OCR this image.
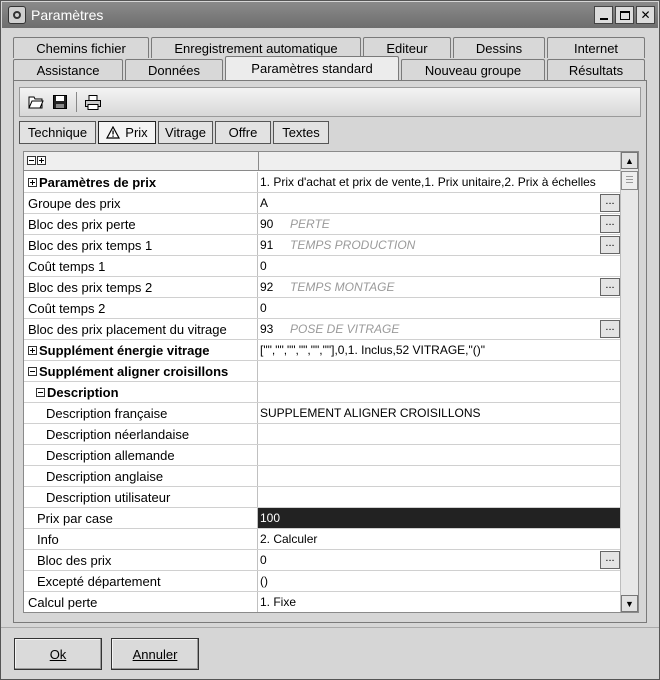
Paramètres	✕
Chemins fichier	Enregistrement automatique	Editeur	Dessins	Internet
Assistance	Données	Paramètres standard	Nouveau groupe	Résultats
Technique	Prix	Vitrage	Offre	Textes
Paramètres de prix	1. Prix d'achat et prix de vente,1. Prix unitaire,2. Prix à échelles
Groupe des prix	A	...
Bloc des prix perte	90	PERTE	...
Bloc des prix temps 1	91	TEMPS PRODUCTION	...
Coût temps 1	0
Bloc des prix temps 2	92	TEMPS MONTAGE	...
Coût temps 2	0
Bloc des prix placement du vitrage	93	POSE DE VITRAGE	...
Supplément énergie vitrage	["","","","","",""],0,1. Inclus,52 VITRAGE,"()"
Supplément aligner croisillons
Description
Description française	SUPPLEMENT ALIGNER CROISILLONS
Description néerlandaise
Description allemande
Description anglaise
Description utilisateur
Prix par case	100
Info	2. Calculer
Bloc des prix	0	...
Excepté département	()
Calcul perte	1. Fixe
▲
▼
Ok	Annuler
